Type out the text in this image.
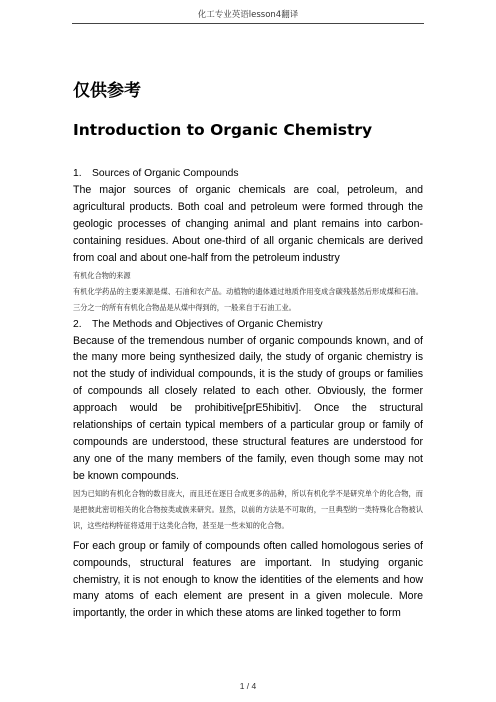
化工专业英语lesson4翻译
仅供参考
Introduction to Organic Chemistry
1.	Sources of Organic Compounds

The major sources of organic chemicals are coal, petroleum, and agricultural products. Both coal and petroleum were formed through the geologic processes of changing animal and plant remains into carbon-containing residues. About one-third of all organic chemicals are derived from coal and about one-half from the petroleum industry

有机化合物的来源
有机化学药品的主要来源是煤、石油和农产品。动植物的遗体通过地质作用变成含碳残基然后形成煤和石油。三分之一的所有有机化合物品是从煤中得到的，一般来自于石油工业。

2.	The Methods and Objectives of Organic Chemistry

Because of the tremendous number of organic compounds known, and of the many more being synthesized daily, the study of organic chemistry is not the study of individual compounds, it is the study of groups or families of compounds all closely related to each other. Obviously, the former approach would be prohibitive[prE5hibitiv]. Once the structural relationships of certain typical members of a particular group or family of compounds are understood, these structural features are understood for any one of the many members of the family, even though some may not be known compounds.

因为已知的有机化合物的数目庞大，而且还在逐日合成更多的品种，所以有机化学不是研究单个的化合物，而是把彼此密切相关的化合物按类或族来研究。显然，以前的方法是不可取的，一旦典型的一类特殊化合物被认识，这些结构特征将适用于这类化合物，甚至是一些未知的化合物。

For each group or family of compounds often called homologous series of compounds, structural features are important. In studying organic chemistry, it is not enough to know the identities of the elements and how many atoms of each element are present in a given molecule. More importantly, the order in which these atoms are linked together to form

1 / 4
